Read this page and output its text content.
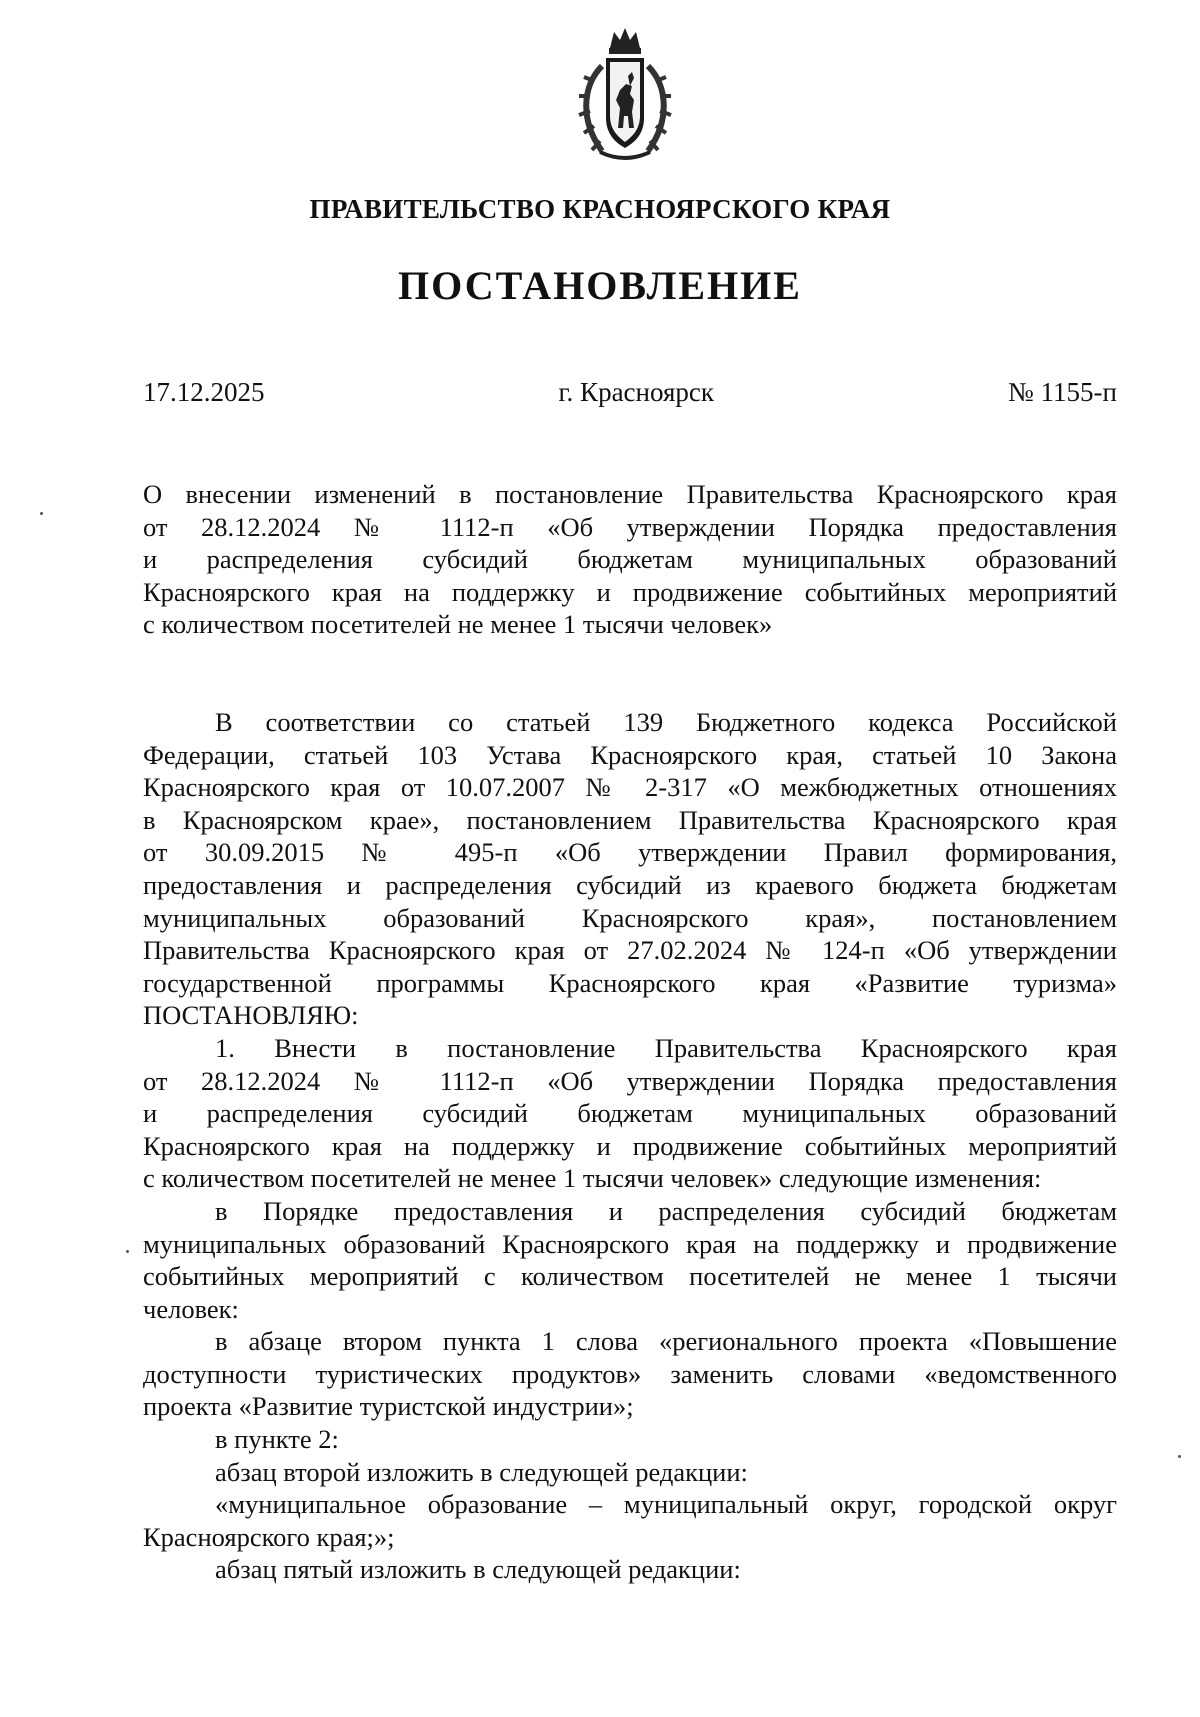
ПРАВИТЕЛЬСТВО КРАСНОЯРСКОГО КРАЯ
ПОСТАНОВЛЕНИЕ
17.12.2025	г. Красноярск	№ 1155-п
О внесении изменений в постановление Правительства Красноярского края
от 28.12.2024 № 1112-п «Об утверждении Порядка предоставления
и распределения субсидий бюджетам муниципальных образований
Красноярского края на поддержку и продвижение событийных мероприятий
с количеством посетителей не менее 1 тысячи человек»

В соответствии со статьей 139 Бюджетного кодекса Российской
Федерации, статьей 103 Устава Красноярского края, статьей 10 Закона
Красноярского края от 10.07.2007 № 2-317 «О межбюджетных отношениях
в Красноярском крае», постановлением Правительства Красноярского края
от 30.09.2015 № 495-п «Об утверждении Правил формирования,
предоставления и распределения субсидий из краевого бюджета бюджетам
муниципальных образований Красноярского края», постановлением
Правительства Красноярского края от 27.02.2024 № 124-п «Об утверждении
государственной программы Красноярского края «Развитие туризма»
ПОСТАНОВЛЯЮ:

1. Внести в постановление Правительства Красноярского края
от 28.12.2024 № 1112-п «Об утверждении Порядка предоставления
и распределения субсидий бюджетам муниципальных образований
Красноярского края на поддержку и продвижение событийных мероприятий
с количеством посетителей не менее 1 тысячи человек» следующие изменения:

в Порядке предоставления и распределения субсидий бюджетам
муниципальных образований Красноярского края на поддержку и продвижение
событийных мероприятий с количеством посетителей не менее 1 тысячи
человек:

в абзаце втором пункта 1 слова «регионального проекта «Повышение
доступности туристических продуктов» заменить словами «ведомственного
проекта «Развитие туристской индустрии»;

в пункте 2:

абзац второй изложить в следующей редакции:

«муниципальное образование – муниципальный округ, городской округ
Красноярского края;»;

абзац пятый изложить в следующей редакции:
